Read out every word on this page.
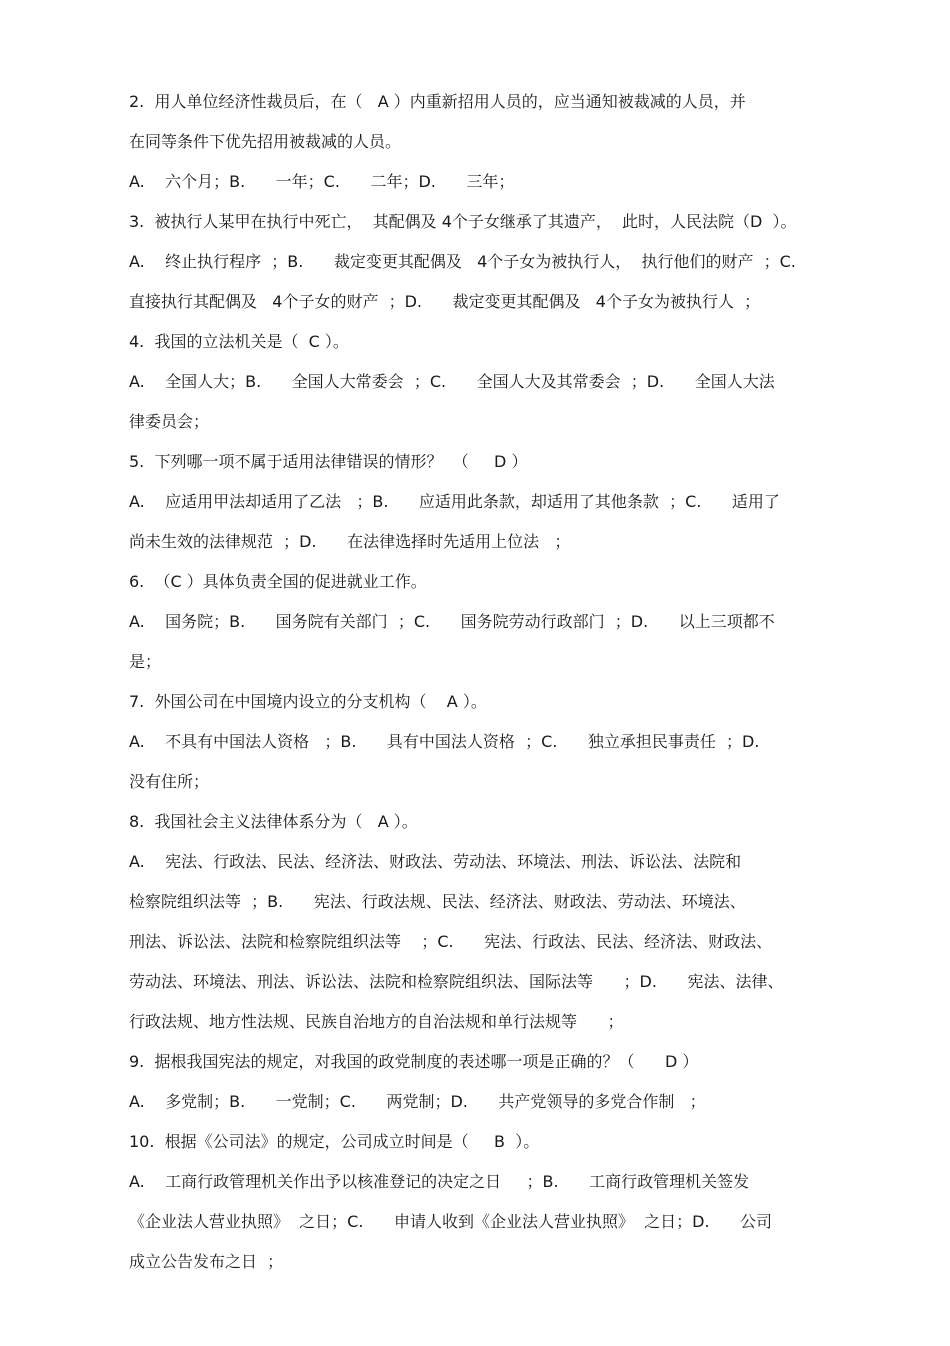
2.  用人单位经济性裁员后，在（   A ）内重新招用人员的，应当通知被裁减的人员，并
在同等条件下优先招用被裁减的人员。
A.    六个月；B.      一年；C.      二年；D.      三年；
3.  被执行人某甲在执行中死亡，  其配偶及 4个子女继承了其遗产，  此时，人民法院（D  ）。
A.    终止执行程序  ；B.      裁定变更其配偶及   4个子女为被执行人，  执行他们的财产  ；C.
直接执行其配偶及   4个子女的财产  ；D.      裁定变更其配偶及   4个子女为被执行人  ；
4.  我国的立法机关是（  C ）。
A.    全国人大；B.      全国人大常委会  ；C.      全国人大及其常委会  ；D.      全国人大法
律委员会；
5.  下列哪一项不属于适用法律错误的情形？  （     D ）
A.    应适用甲法却适用了乙法   ；B.      应适用此条款，却适用了其他条款  ；C.      适用了
尚未生效的法律规范  ；D.      在法律选择时先适用上位法   ；
6.  （C ）具体负责全国的促进就业工作。
A.    国务院；B.      国务院有关部门  ；C.      国务院劳动行政部门  ；D.      以上三项都不
是；
7.  外国公司在中国境内设立的分支机构（    A ）。
A.    不具有中国法人资格   ；B.      具有中国法人资格  ；C.      独立承担民事责任  ；D.
没有住所；
8.  我国社会主义法律体系分为（   A ）。
A.    宪法、行政法、民法、经济法、财政法、劳动法、环境法、刑法、诉讼法、法院和
检察院组织法等  ；B.      宪法、行政法规、民法、经济法、财政法、劳动法、环境法、
刑法、诉讼法、法院和检察院组织法等    ；C.      宪法、行政法、民法、经济法、财政法、
劳动法、环境法、刑法、诉讼法、法院和检察院组织法、国际法等      ；D.      宪法、法律、
行政法规、地方性法规、民族自治地方的自治法规和单行法规等      ；
9.  据根我国宪法的规定，对我国的政党制度的表述哪一项是正确的？（      D ）
A.    多党制；B.      一党制；C.      两党制；D.      共产党领导的多党合作制   ；
10.  根据《公司法》的规定，公司成立时间是（     B  ）。
A.    工商行政管理机关作出予以核准登记的决定之日     ；B.      工商行政管理机关签发
《企业法人营业执照》  之日；C.      申请人收到《企业法人营业执照》  之日；D.      公司
成立公告发布之日  ；
